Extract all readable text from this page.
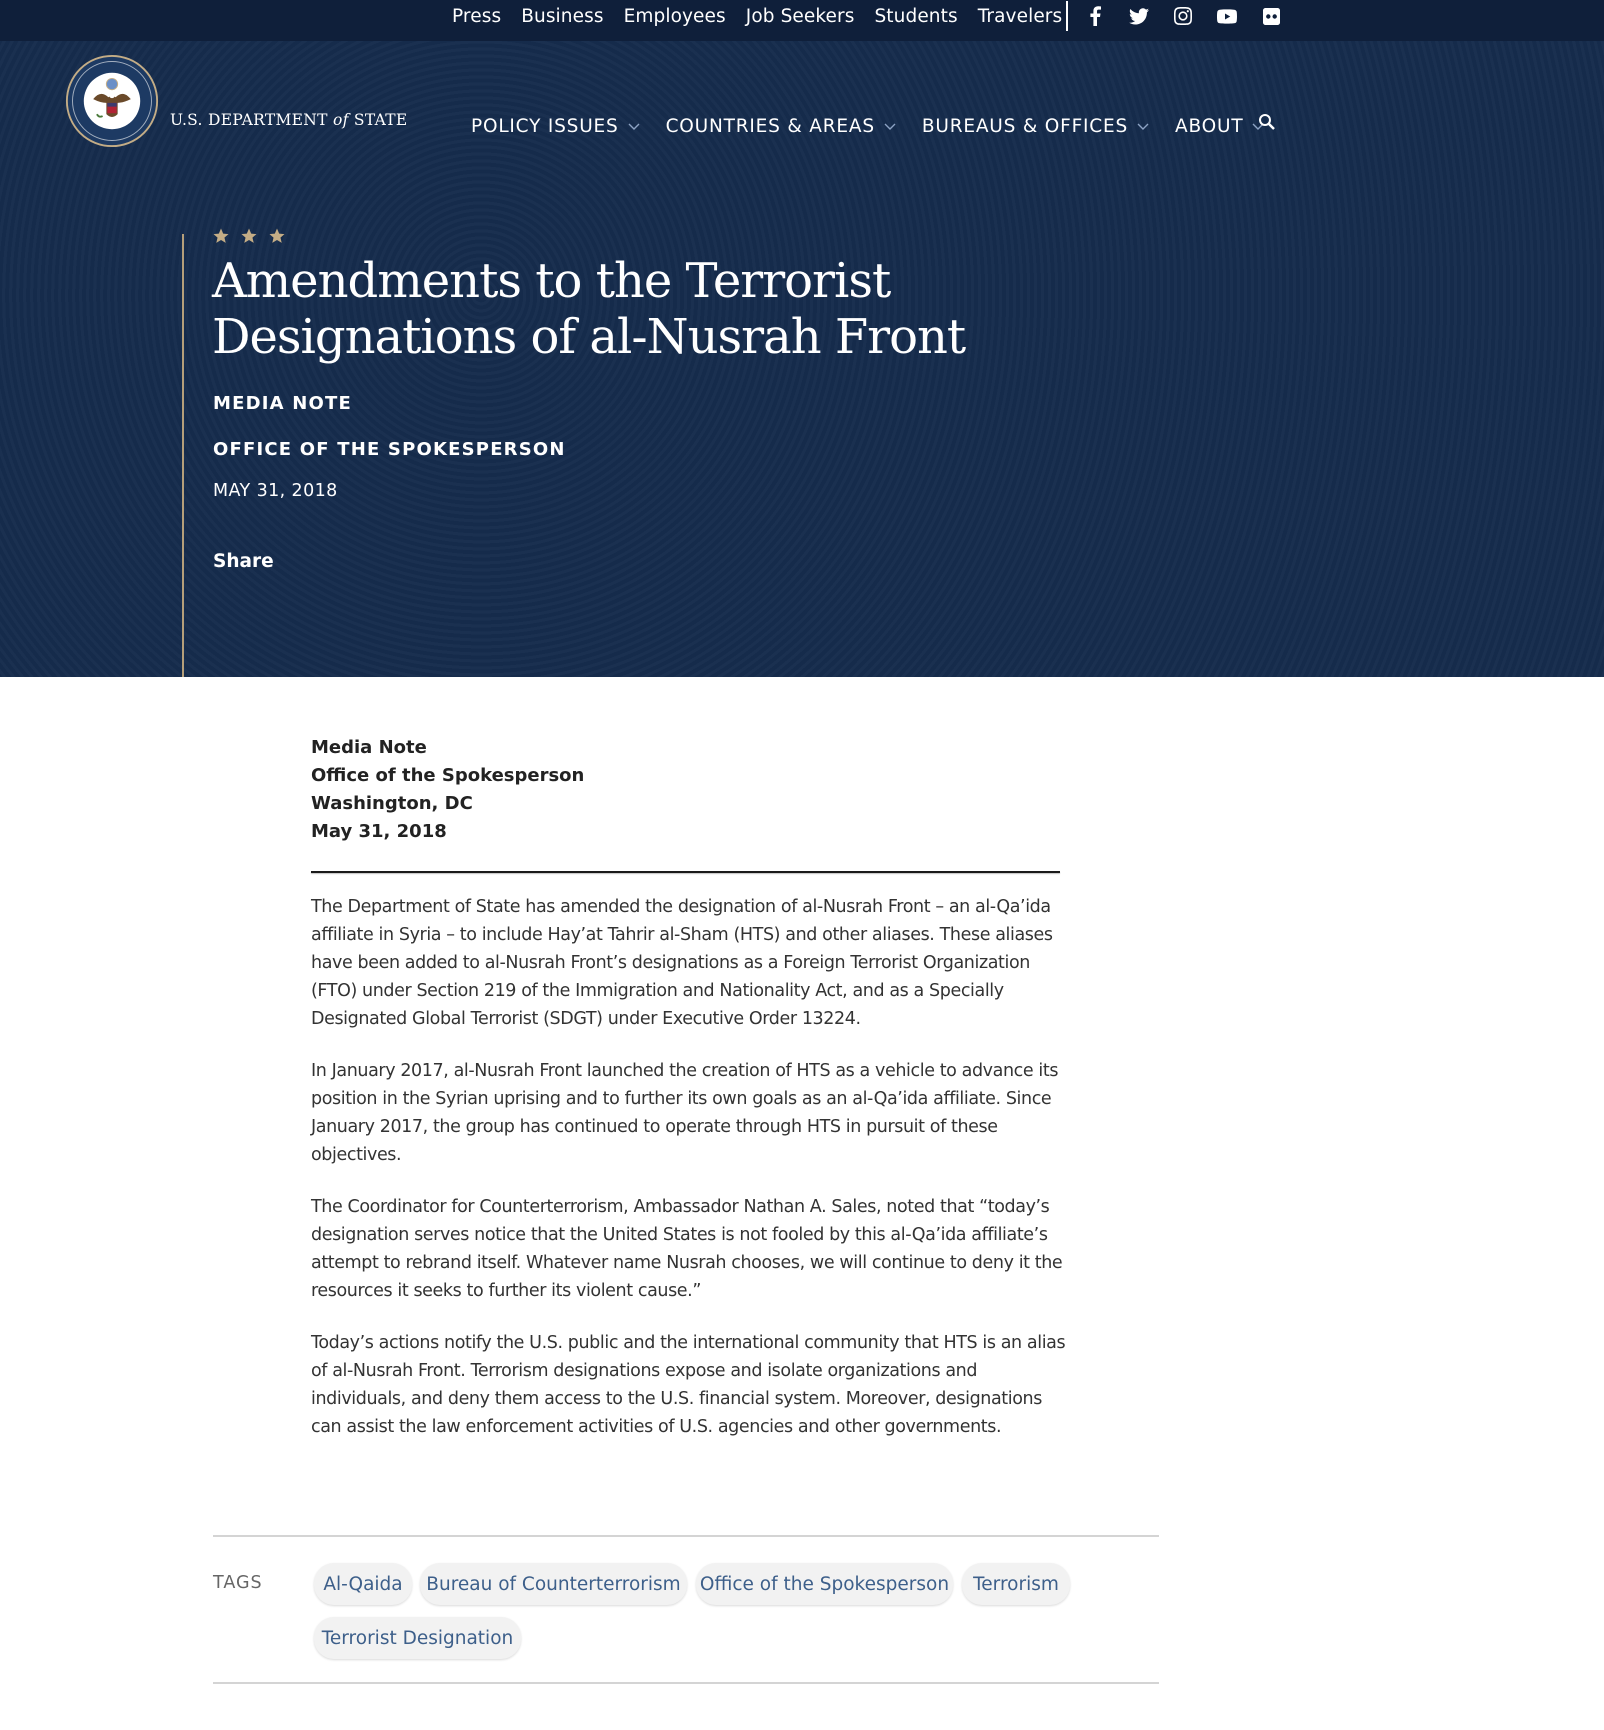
Press Business Employees Job Seekers Students Travelers
U.S. DEPARTMENT of STATE	POLICY ISSUES	COUNTRIES & AREAS	BUREAUS & OFFICES	ABOUT
Amendments to the Terrorist Designations of al-Nusrah Front
MEDIA NOTE
OFFICE OF THE SPOKESPERSON
MAY 31, 2018
Share
Media Note
Office of the Spokesperson
Washington, DC
May 31, 2018

The Department of State has amended the designation of al-Nusrah Front – an al-Qa’ida affiliate in Syria – to include Hay’at Tahrir al-Sham (HTS) and other aliases. These aliases have been added to al-Nusrah Front’s designations as a Foreign Terrorist Organization (FTO) under Section 219 of the Immigration and Nationality Act, and as a Specially Designated Global Terrorist (SDGT) under Executive Order 13224.

In January 2017, al-Nusrah Front launched the creation of HTS as a vehicle to advance its position in the Syrian uprising and to further its own goals as an al-Qa’ida affiliate. Since January 2017, the group has continued to operate through HTS in pursuit of these objectives.

The Coordinator for Counterterrorism, Ambassador Nathan A. Sales, noted that “today’s designation serves notice that the United States is not fooled by this al-Qa’ida affiliate’s attempt to rebrand itself. Whatever name Nusrah chooses, we will continue to deny it the resources it seeks to further its violent cause.”

Today’s actions notify the U.S. public and the international community that HTS is an alias of al-Nusrah Front. Terrorism designations expose and isolate organizations and individuals, and deny them access to the U.S. financial system. Moreover, designations can assist the law enforcement activities of U.S. agencies and other governments.

TAGS	Al-Qaida	Bureau of Counterterrorism	Office of the Spokesperson	Terrorism
Terrorist Designation
